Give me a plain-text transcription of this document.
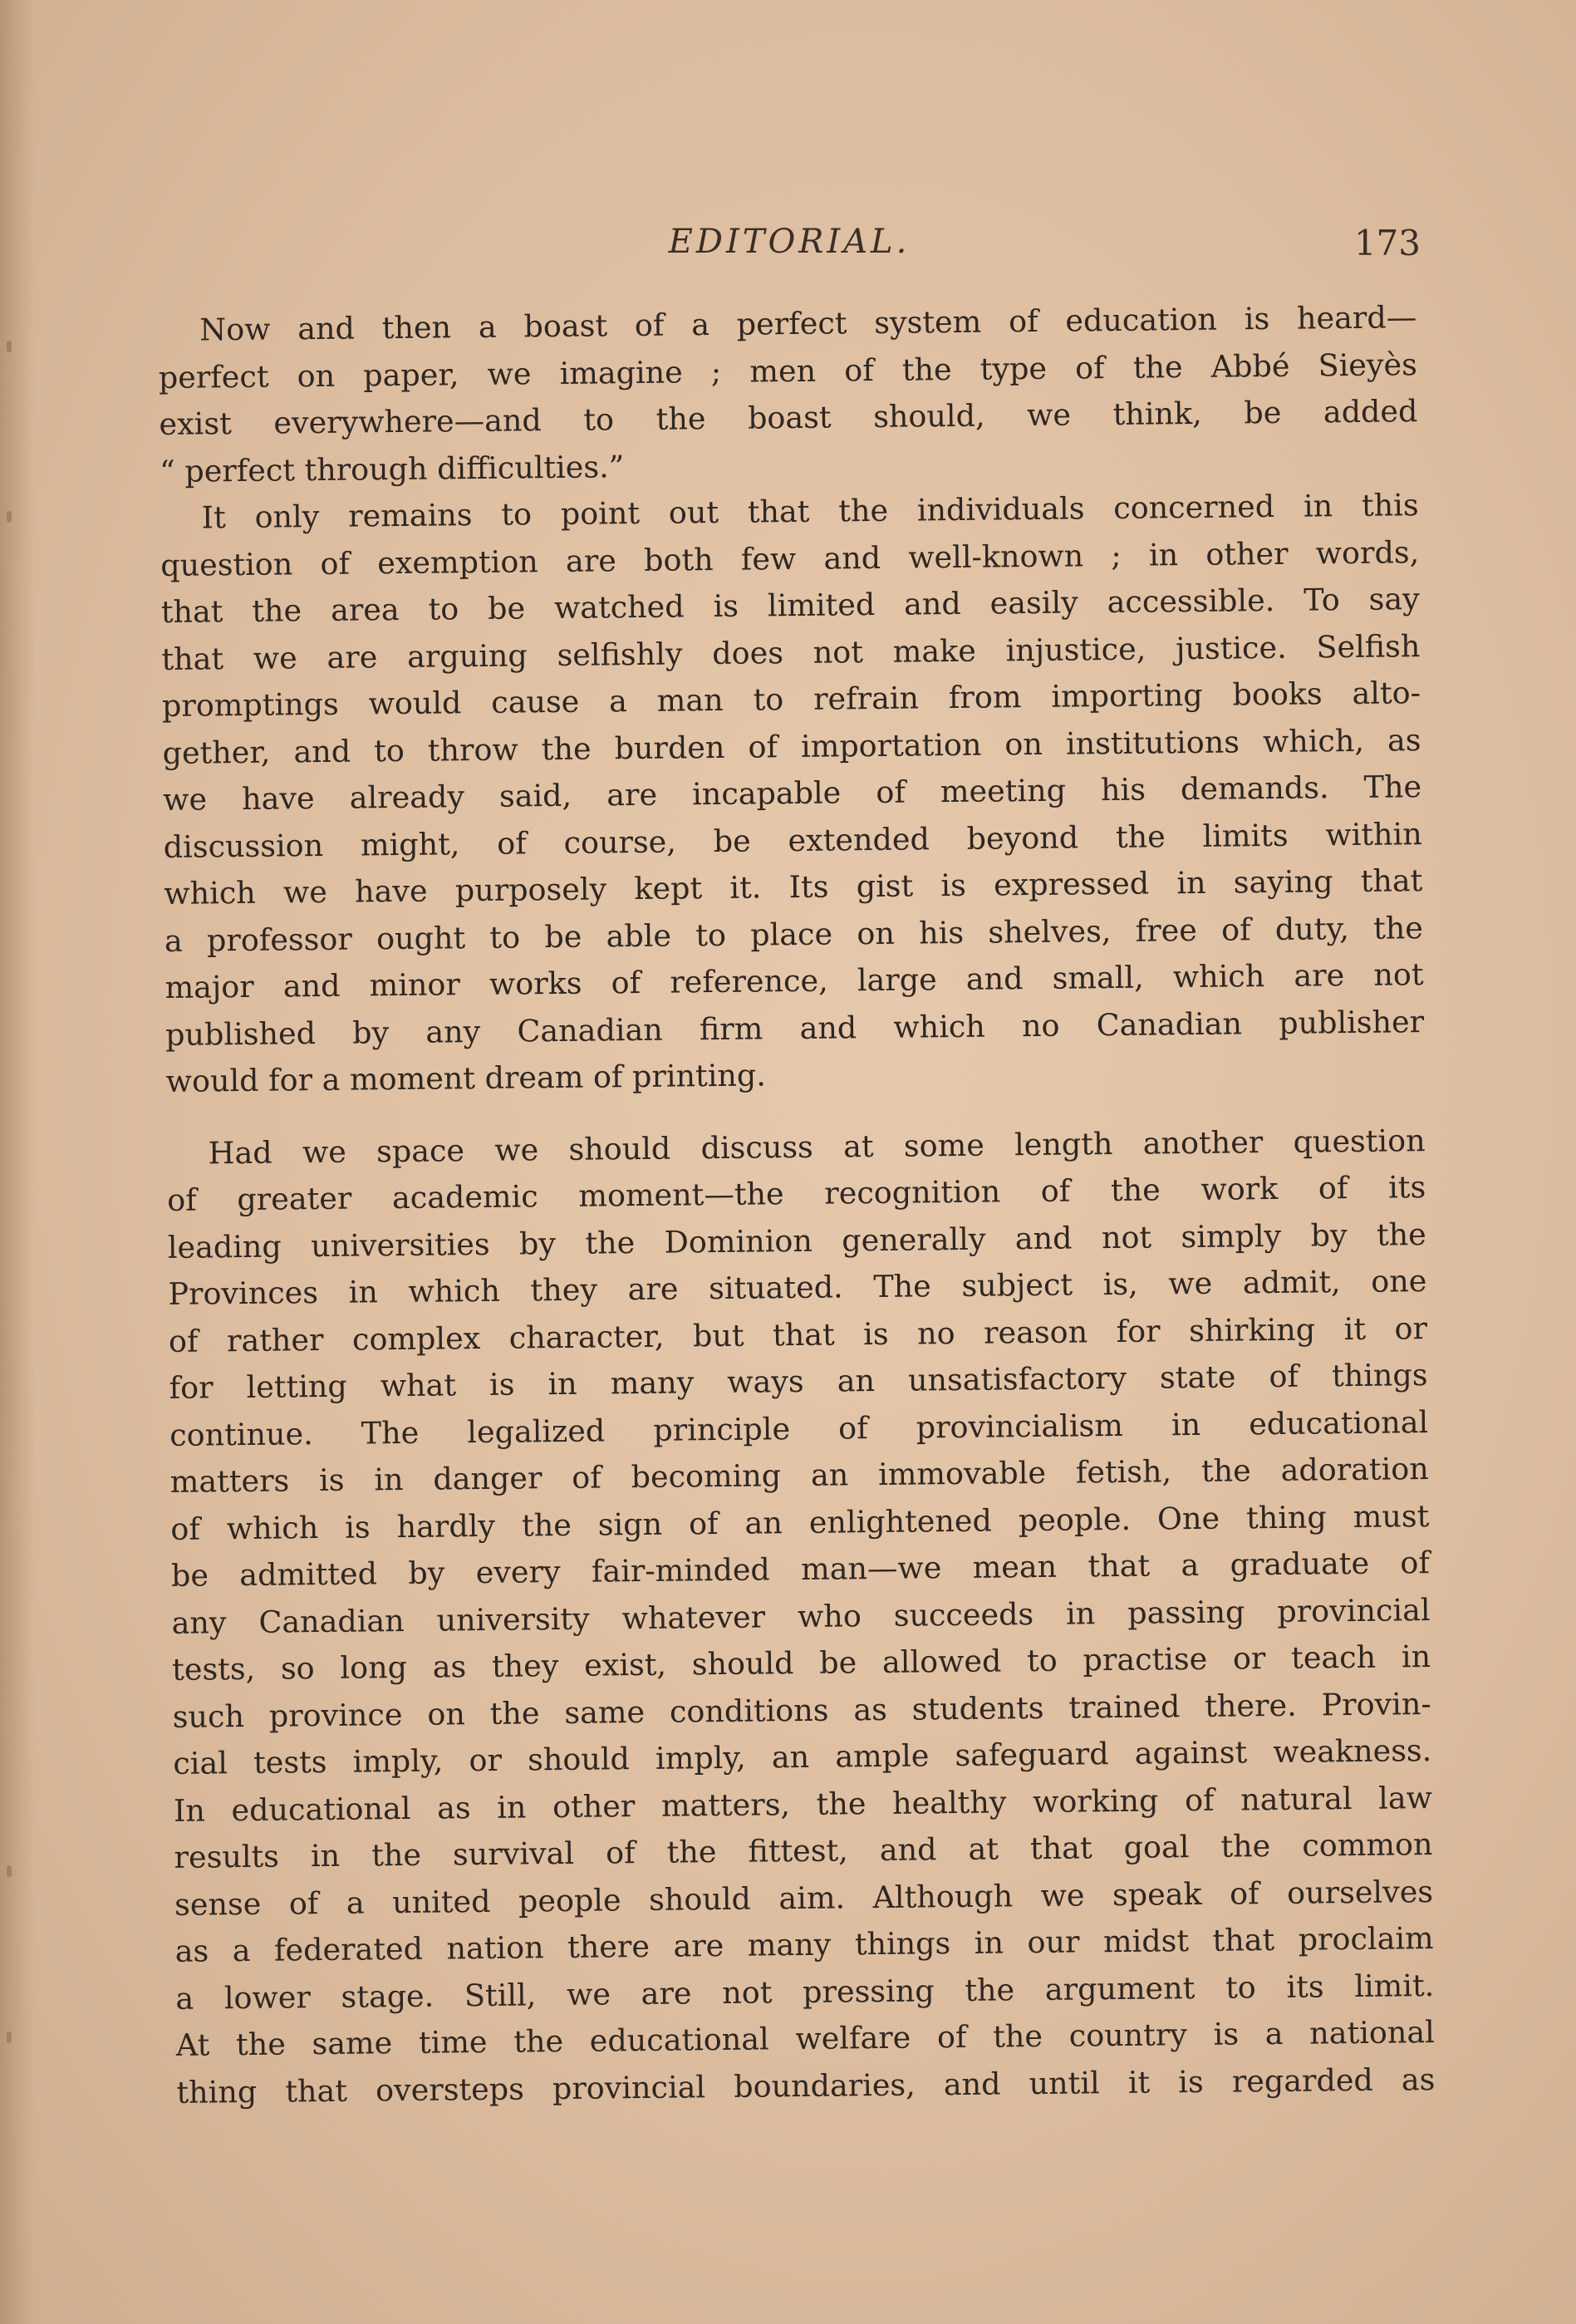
EDITORIAL.	173

Now and then a boast of a perfect system of education is heard—
perfect on paper, we imagine ; men of the type of the Abbé Sieyès
exist everywhere—and to the boast should, we think, be added
“ perfect through difficulties.”

It only remains to point out that the individuals concerned in this
question of exemption are both few and well-known ; in other words,
that the area to be watched is limited and easily accessible. To say
that we are arguing selfishly does not make injustice, justice. Selfish
promptings would cause a man to refrain from importing books alto-
gether, and to throw the burden of importation on institutions which, as
we have already said, are incapable of meeting his demands. The
discussion might, of course, be extended beyond the limits within
which we have purposely kept it. Its gist is expressed in saying that
a professor ought to be able to place on his shelves, free of duty, the
major and minor works of reference, large and small, which are not
published by any Canadian firm and which no Canadian publisher
would for a moment dream of printing.

Had we space we should discuss at some length another question
of greater academic moment—the recognition of the work of its
leading universities by the Dominion generally and not simply by the
Provinces in which they are situated. The subject is, we admit, one
of rather complex character, but that is no reason for shirking it or
for letting what is in many ways an unsatisfactory state of things
continue. The legalized principle of provincialism in educational
matters is in danger of becoming an immovable fetish, the adoration
of which is hardly the sign of an enlightened people. One thing must
be admitted by every fair-minded man—we mean that a graduate of
any Canadian university whatever who succeeds in passing provincial
tests, so long as they exist, should be allowed to practise or teach in
such province on the same conditions as students trained there. Provin-
cial tests imply, or should imply, an ample safeguard against weakness.
In educational as in other matters, the healthy working of natural law
results in the survival of the fittest, and at that goal the common
sense of a united people should aim. Although we speak of ourselves
as a federated nation there are many things in our midst that proclaim
a lower stage. Still, we are not pressing the argument to its limit.
At the same time the educational welfare of the country is a national
thing that oversteps provincial boundaries, and until it is regarded as
